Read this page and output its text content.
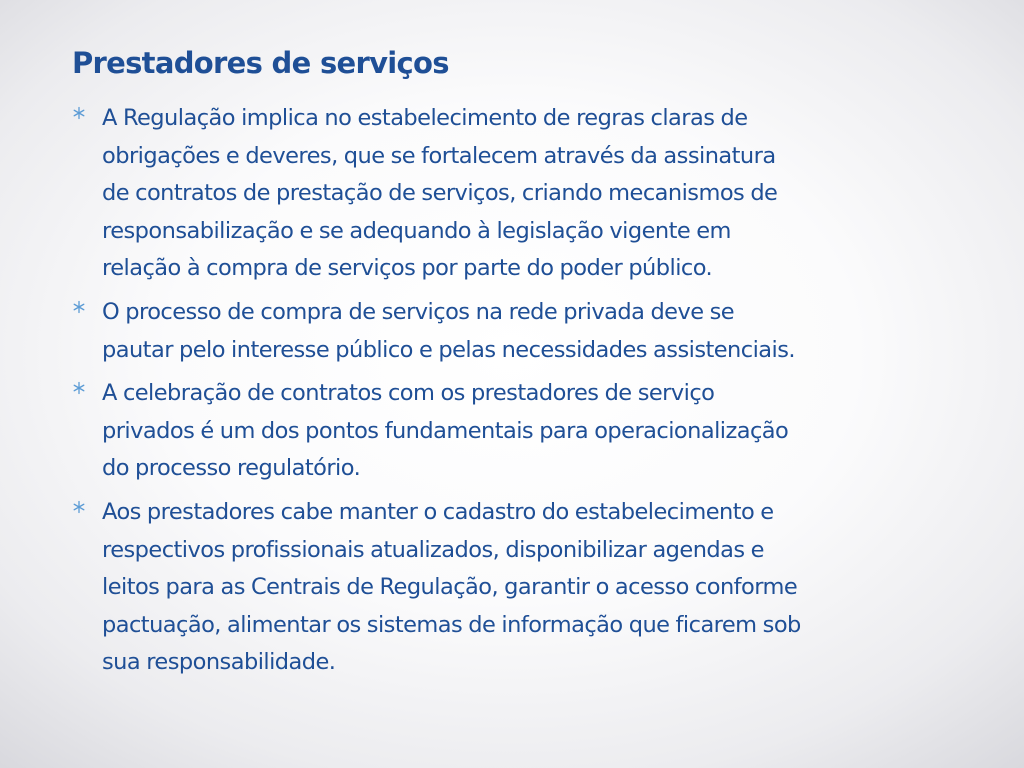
Prestadores de serviços
A Regulação implica no estabelecimento de regras claras de
obrigações e deveres, que se fortalecem através da assinatura
de contratos de prestação de serviços, criando mecanismos de
responsabilização e se adequando à legislação vigente em
relação à compra de serviços por parte do poder público.
O processo de compra de serviços na rede privada deve se
pautar pelo interesse público e pelas necessidades assistenciais.
A celebração de contratos com os prestadores de serviço
privados é um dos pontos fundamentais para operacionalização
do processo regulatório.
Aos prestadores cabe manter o cadastro do estabelecimento e
respectivos profissionais atualizados, disponibilizar agendas e
leitos para as Centrais de Regulação, garantir o acesso conforme
pactuação, alimentar os sistemas de informação que ficarem sob
sua responsabilidade.
